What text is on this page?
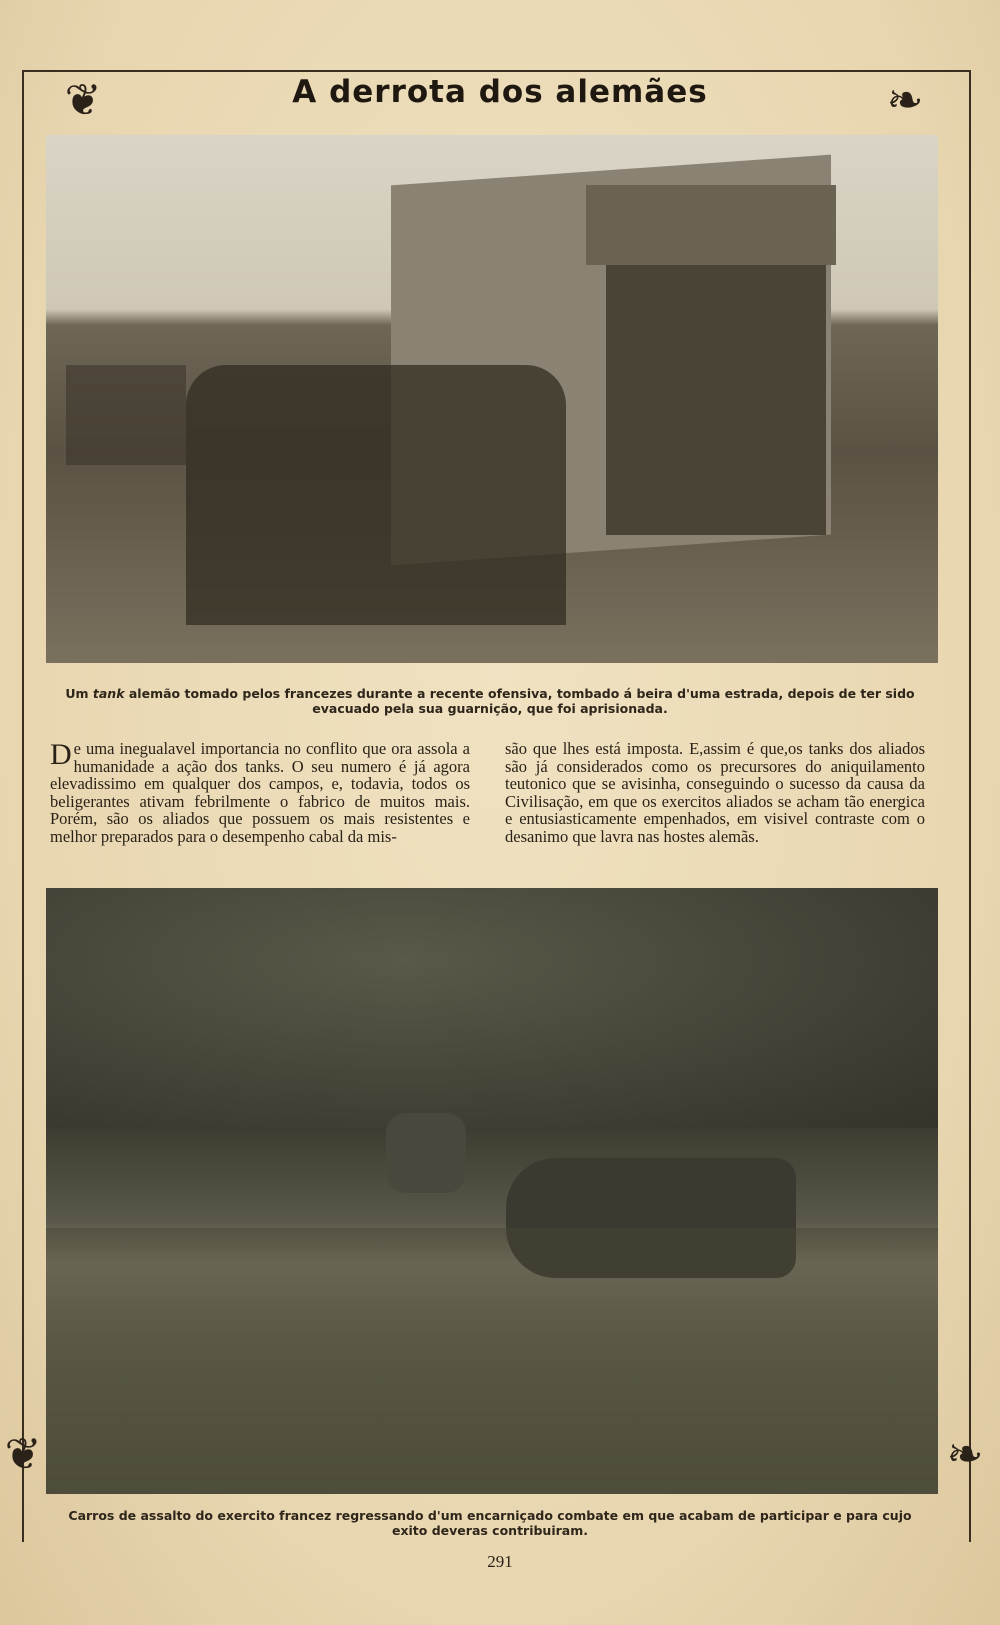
❦	❧
❦	❧
A derrota dos alemães
Um tank alemão tomado pelos francezes durante a recente ofensiva, tombado á beira d'uma estrada, depois de ter sido evacuado pela sua guarnição, que foi aprisionada.
De uma inegualavel importancia no conflito que ora assola a humanidade a ação dos tanks. O seu numero é já agora elevadissimo em qualquer dos campos, e, todavia, todos os beligerantes ativam febrilmente o fabrico de muitos mais. Porém, são os aliados que possuem os mais resistentes e melhor preparados para o desempenho cabal da mis-
são que lhes está imposta. E,assim é que,os tanks dos aliados são já considerados como os precursores do aniquilamento teutonico que se avisinha, conseguindo o sucesso da causa da Civilisação, em que os exercitos aliados se acham tão energica e entusiasticamente empenhados, em visivel contraste com o desanimo que lavra nas hostes alemãs.
Carros de assalto do exercito francez regressando d'um encarniçado combate em que acabam de participar e para cujo exito deveras contribuiram.
291
